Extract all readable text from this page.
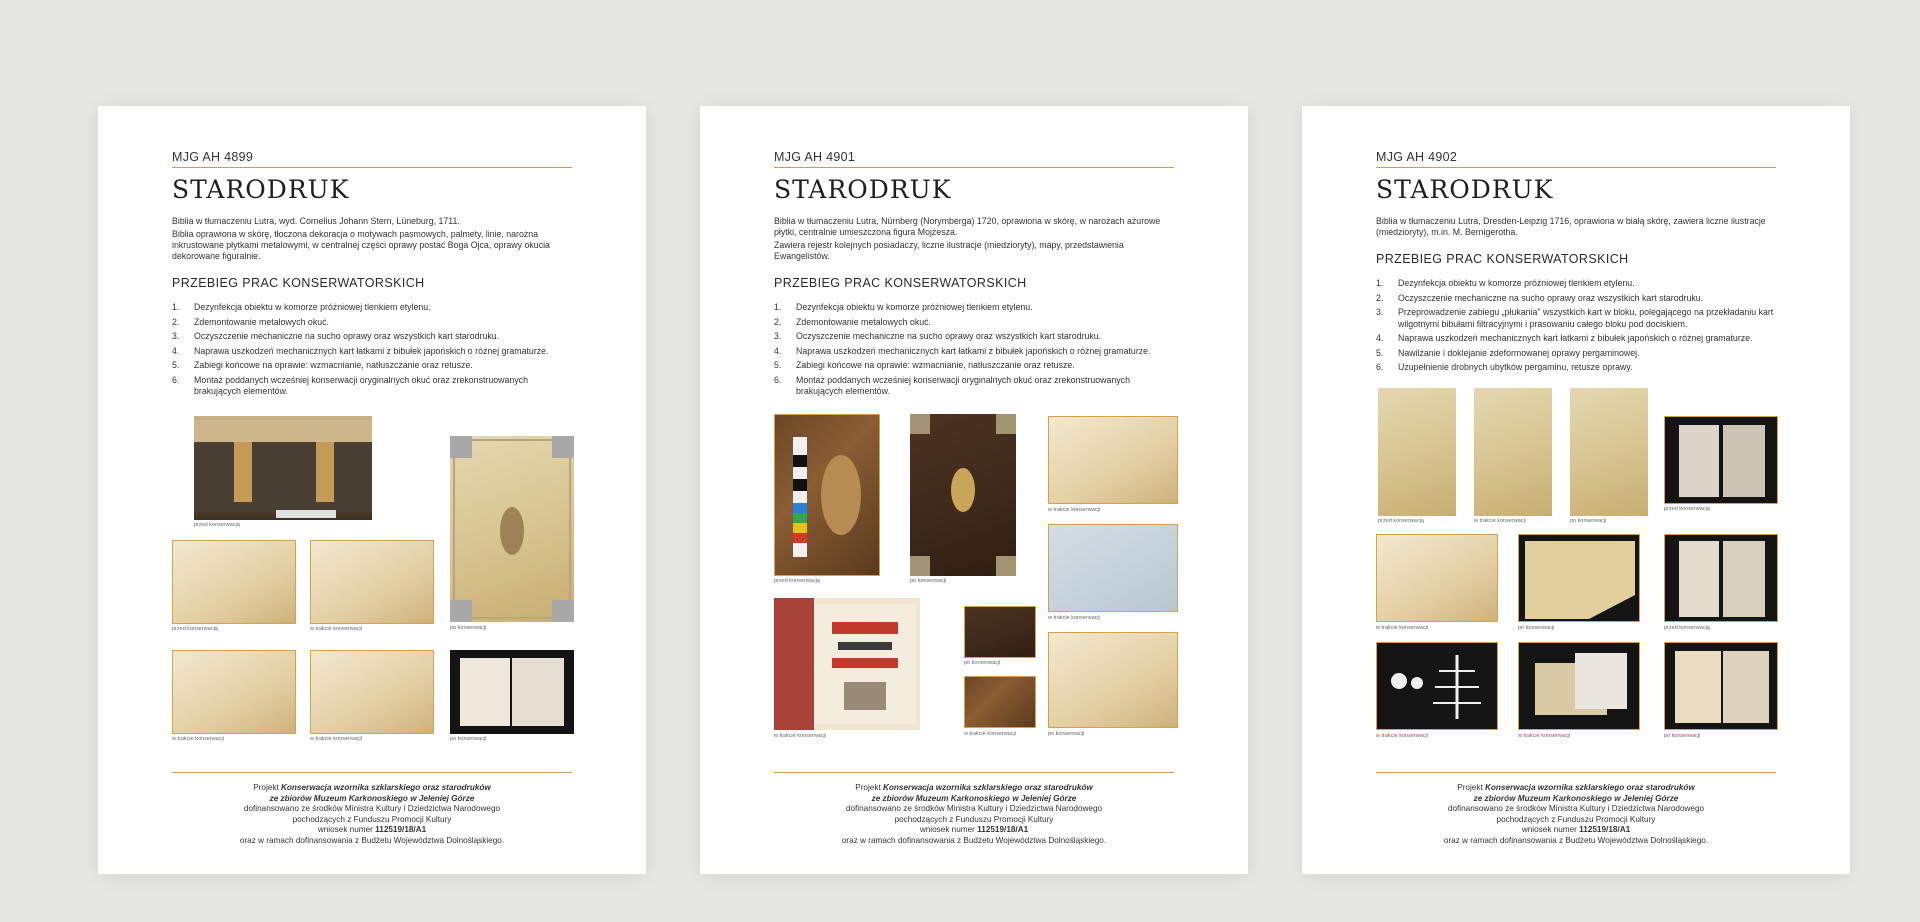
MJG AH 4899
STARODRUK

Biblia w tłumaczeniu Lutra, wyd. Cornelius Johann Stern, Lüneburg, 1711.

Biblia oprawiona w skórę, tłoczona dekoracja o motywach pasmowych, palmety, linie, narożna inkrustowane płytkami metalowymi, w centralnej części oprawy postać Boga Ojca, oprawy okucia dekorowane figuralnie.

PRZEBIEG PRAC KONSERWATORSKICH
1.	Dezynfekcja obiektu w komorze próżniowej tlenkiem etylenu.
2.	Zdemontowanie metalowych okuć.
3.	Oczyszczenie mechaniczne na sucho oprawy oraz wszystkich kart starodruku.
4.	Naprawa uszkodzeń mechanicznych kart łatkami z bibułek japońskich o różnej gramaturze.
5.	Zabiegi końcowe na oprawie: wzmacnianie, natłuszczanie oraz retusze.
6.	Montaż poddanych wcześniej konserwacji oryginalnych okuć oraz zrekonstruowanych brakujących elementów.
przed konserwacją
po konserwacji
przed konserwacją	w trakcie konserwacji
w trakcie konserwacji	w trakcie konserwacji	po konserwacji
Projekt Konserwacja wzornika szklarskiego oraz starodruków
ze zbiorów Muzeum Karkonoskiego w Jeleniej Górze
dofinansowano ze środków Ministra Kultury i Dziedzictwa Narodowego
pochodzących z Funduszu Promocji Kultury
wniosek numer 112519/18/A1
oraz w ramach dofinansowania z Budżetu Województwa Dolnośląskiego.
MJG AH 4901
STARODRUK

Biblia w tłumaczeniu Lutra, Nürnberg (Norymberga) 1720, oprawiona w skórę, w narożach ażurowe płytki, centralnie umieszczona figura Mojżesza.

Zawiera rejestr kolejnych posiadaczy, liczne ilustracje (miedzioryty), mapy, przedstawienia Ewangelistów.

PRZEBIEG PRAC KONSERWATORSKICH
1.	Dezynfekcja obiektu w komorze próżniowej tlenkiem etylenu.
2.	Zdemontowanie metalowych okuć.
3.	Oczyszczenie mechaniczne na sucho oprawy oraz wszystkich kart starodruku.
4.	Naprawa uszkodzeń mechanicznych kart łatkami z bibułek japońskich o różnej gramaturze.
5.	Zabiegi końcowe na oprawie: wzmacnianie, natłuszczanie oraz retusze.
6.	Montaż poddanych wcześniej konserwacji oryginalnych okuć oraz zrekonstruowanych brakujących elementów.
przed konserwacją	po konserwacji
w trakcie konserwacji
w trakcie konserwacji
w trakcie konserwacji
po konserwacji
w trakcie konserwacji	po konserwacji
Projekt Konserwacja wzornika szklarskiego oraz starodruków
ze zbiorów Muzeum Karkonoskiego w Jeleniej Górze
dofinansowano ze środków Ministra Kultury i Dziedzictwa Narodowego
pochodzących z Funduszu Promocji Kultury
wniosek numer 112519/18/A1
oraz w ramach dofinansowania z Budżetu Województwa Dolnośląskiego.
MJG AH 4902
STARODRUK

Biblia w tłumaczeniu Lutra, Dresden-Leipzig 1716, oprawiona w białą skórę, zawiera liczne ilustracje (miedzioryty), m.in. M. Bernigerotha.

PRZEBIEG PRAC KONSERWATORSKICH
1.	Dezynfekcja obiektu w komorze próżniowej tlenkiem etylenu.
2.	Oczyszczenie mechaniczne na sucho oprawy oraz wszystkich kart starodruku.
3.	Przeprowadzenie zabiegu „płukania" wszystkich kart w bloku, polegającego na przekładaniu kart wilgotnymi bibułami filtracyjnymi i prasowaniu całego bloku pod dociskiem.
4.	Naprawa uszkodzeń mechanicznych kart łatkami z bibułek japońskich o różnej gramaturze.
5.	Nawilżanie i doklejanie zdeformowanej oprawy pergaminowej.
6.	Uzupełnienie drobnych ubytków pergaminu, retusze oprawy.
przed konserwacją	w trakcie konserwacji	po konserwacji
przed konserwacją
w trakcie konserwacji	po konserwacji	przed konserwacją
w trakcie konserwacji	w trakcie konserwacji	po konserwacji
Projekt Konserwacja wzornika szklarskiego oraz starodruków
ze zbiorów Muzeum Karkonoskiego w Jeleniej Górze
dofinansowano ze środków Ministra Kultury i Dziedzictwa Narodowego
pochodzących z Funduszu Promocji Kultury
wniosek numer 112519/18/A1
oraz w ramach dofinansowania z Budżetu Województwa Dolnośląskiego.
